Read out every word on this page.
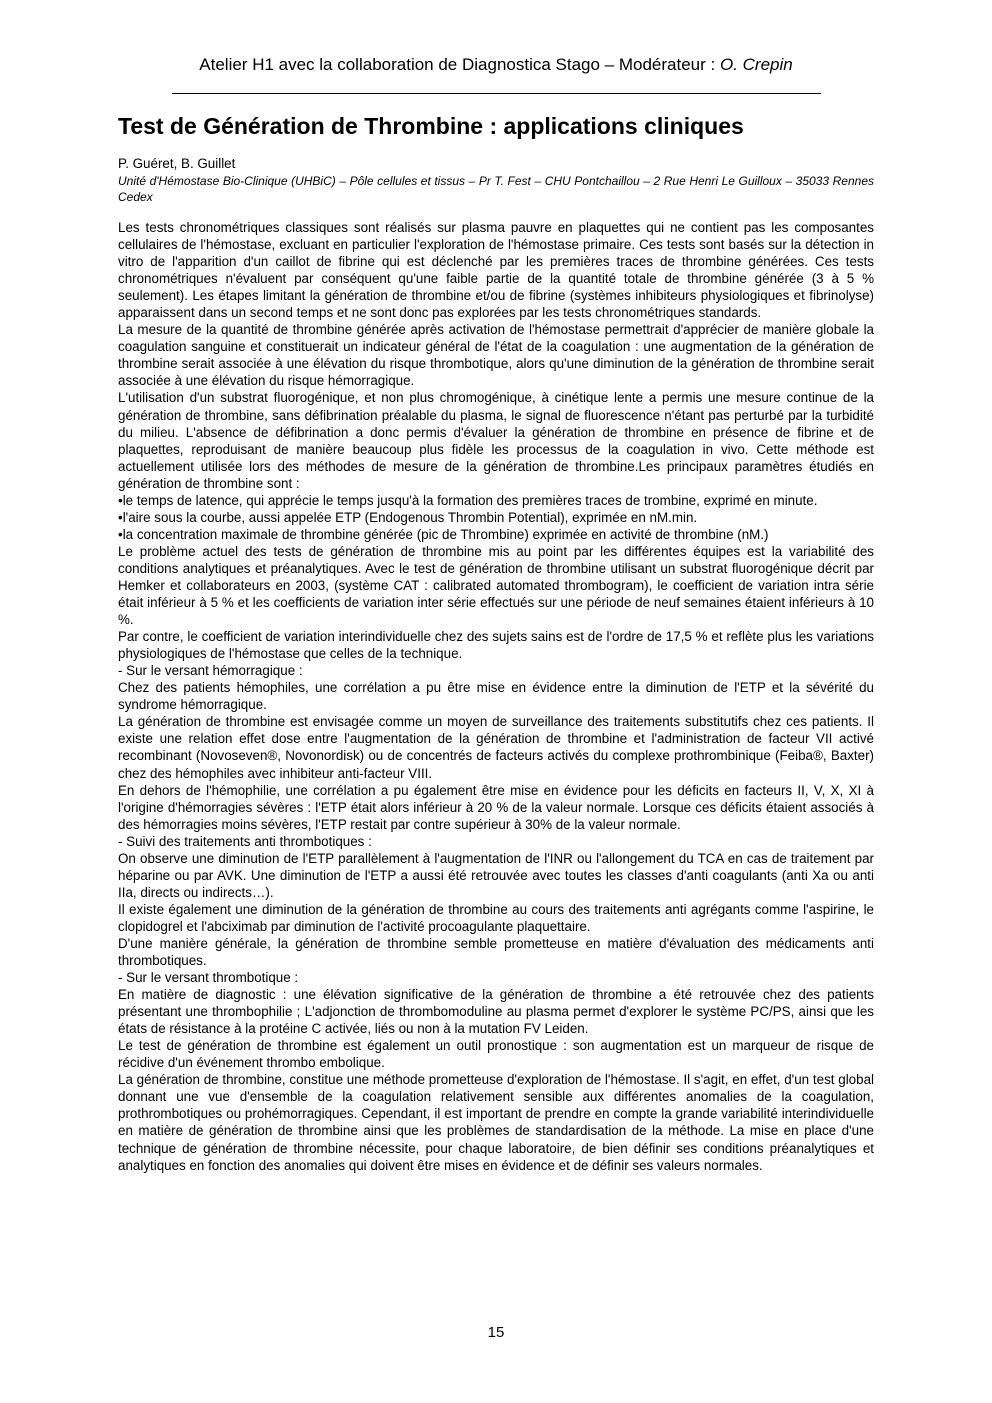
Atelier H1 avec la collaboration de Diagnostica Stago – Modérateur : O. Crepin
Test de Génération de Thrombine : applications cliniques
P. Guéret, B. Guillet
Unité d'Hémostase Bio-Clinique (UHBiC) – Pôle cellules et tissus – Pr T. Fest – CHU Pontchaillou – 2 Rue Henri Le Guilloux – 35033 Rennes Cedex

Les tests chronométriques classiques sont réalisés sur plasma pauvre en plaquettes qui ne contient pas les composantes cellulaires de l'hémostase, excluant en particulier l'exploration de l'hémostase primaire. Ces tests sont basés sur la détection in vitro de l'apparition d'un caillot de fibrine qui est déclenché par les premières traces de thrombine générées. Ces tests chronométriques n'évaluent par conséquent qu'une faible partie de la quantité totale de thrombine générée (3 à 5 % seulement). Les étapes limitant la génération de thrombine et/ou de fibrine (systèmes inhibiteurs physiologiques et fibrinolyse) apparaissent dans un second temps et ne sont donc pas explorées par les tests chronométriques standards.

La mesure de la quantité de thrombine générée après activation de l'hémostase permettrait d'apprécier de manière globale la coagulation sanguine et constituerait un indicateur général de l'état de la coagulation : une augmentation de la génération de thrombine serait associée à une élévation du risque thrombotique, alors qu'une diminution de la génération de thrombine serait associée à une élévation du risque hémorragique.

L'utilisation d'un substrat fluorogénique, et non plus chromogénique, à cinétique lente a permis une mesure continue de la génération de thrombine, sans défibrination préalable du plasma, le signal de fluorescence n'étant pas perturbé par la turbidité du milieu. L'absence de défibrination a donc permis d'évaluer la génération de thrombine en présence de fibrine et de plaquettes, reproduisant de manière beaucoup plus fidèle les processus de la coagulation in vivo. Cette méthode est actuellement utilisée lors des méthodes de mesure de la génération de thrombine.Les principaux paramètres étudiés en génération de thrombine sont :

•le temps de latence, qui apprécie le temps jusqu'à la formation des premières traces de trombine, exprimé en minute.

•l'aire sous la courbe, aussi appelée ETP (Endogenous Thrombin Potential), exprimée en nM.min.

•la concentration maximale de thrombine générée (pic de Thrombine) exprimée en activité de thrombine (nM.)

Le problème actuel des tests de génération de thrombine mis au point par les différentes équipes est la variabilité des conditions analytiques et préanalytiques. Avec le test de génération de thrombine utilisant un substrat fluorogénique décrit par Hemker et collaborateurs en 2003, (système CAT : calibrated automated thrombogram), le coefficient de variation intra série était inférieur à 5 % et les coefficients de variation inter série effectués sur une période de neuf semaines étaient inférieurs à 10 %.

Par contre, le coefficient de variation interindividuelle chez des sujets sains est de l'ordre de 17,5 % et reflète plus les variations physiologiques de l'hémostase que celles de la technique.

- Sur le versant hémorragique :

Chez des patients hémophiles, une corrélation a pu être mise en évidence entre la diminution de l'ETP et la sévérité du syndrome hémorragique.

La génération de thrombine est envisagée comme un moyen de surveillance des traitements substitutifs chez ces patients. Il existe une relation effet dose entre l'augmentation de la génération de thrombine et l'administration de facteur VII activé recombinant (Novoseven®, Novonordisk) ou de concentrés de facteurs activés du complexe prothrombinique (Feiba®, Baxter) chez des hémophiles avec inhibiteur anti-facteur VIII.

En dehors de l'hémophilie, une corrélation a pu également être mise en évidence pour les déficits en facteurs II, V, X, XI à l'origine d'hémorragies sévères : l'ETP était alors inférieur à 20 % de la valeur normale. Lorsque ces déficits étaient associés à des hémorragies moins sévères, l'ETP restait par contre supérieur à 30% de la valeur normale.

- Suivi des traitements anti thrombotiques :

On observe une diminution de l'ETP parallèlement à l'augmentation de l'INR ou l'allongement du TCA en cas de traitement par héparine ou par AVK. Une diminution de l'ETP a aussi été retrouvée avec toutes les classes d'anti coagulants (anti Xa ou anti IIa, directs ou indirects…).

Il existe également une diminution de la génération de thrombine au cours des traitements anti agrégants comme l'aspirine, le clopidogrel et l'abciximab par diminution de l'activité procoagulante plaquettaire.

D'une manière générale, la génération de thrombine semble prometteuse en matière d'évaluation des médicaments anti thrombotiques.

- Sur le versant thrombotique :

En matière de diagnostic : une élévation significative de la génération de thrombine a été retrouvée chez des patients présentant une thrombophilie ; L'adjonction de thrombomoduline au plasma permet d'explorer le système PC/PS, ainsi que les états de résistance à la protéine C activée, liés ou non à la mutation FV Leiden.

Le test de génération de thrombine est également un outil pronostique : son augmentation est un marqueur de risque de récidive d'un événement thrombo embolique.

La génération de thrombine, constitue une méthode prometteuse d'exploration de l'hémostase. Il s'agit, en effet, d'un test global donnant une vue d'ensemble de la coagulation relativement sensible aux différentes anomalies de la coagulation, prothrombotiques ou prohémorragiques. Cependant, il est important de prendre en compte la grande variabilité interindividuelle en matière de génération de thrombine ainsi que les problèmes de standardisation de la méthode. La mise en place d'une technique de génération de thrombine nécessite, pour chaque laboratoire, de bien définir ses conditions préanalytiques et analytiques en fonction des anomalies qui doivent être mises en évidence et de définir ses valeurs normales.

15
